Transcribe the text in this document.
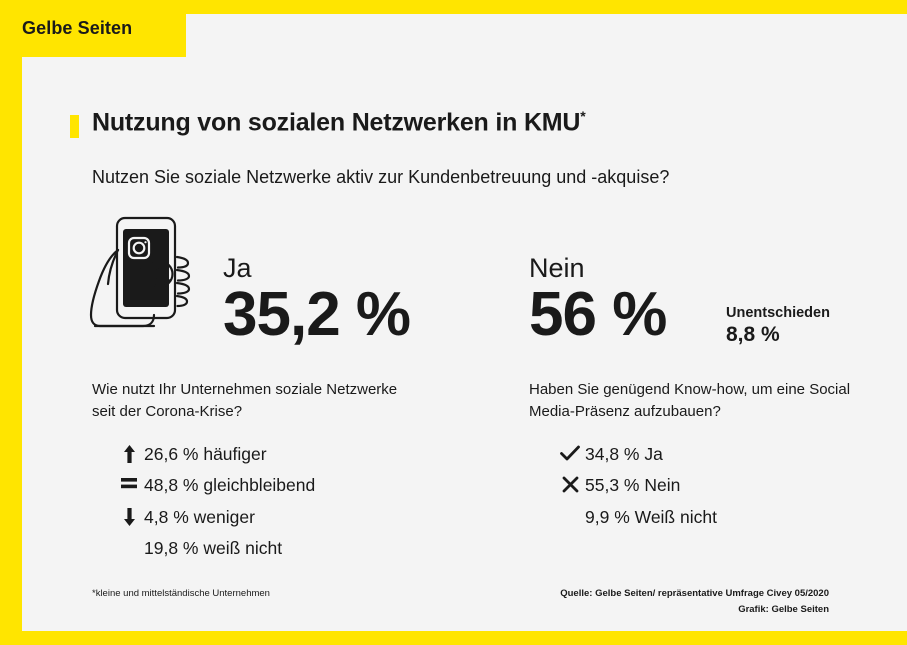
Gelbe Seiten
Nutzung von sozialen Netzwerken in KMU*
Nutzen Sie soziale Netzwerke aktiv zur Kundenbetreuung und -akquise?
f	Ja
35,2 %
Nein
56 %	Unentschieden
8,8 %
Wie nutzt Ihr Unternehmen soziale Netzwerke seit der Corona-Krise?
26,6 % häufiger
48,8 % gleichbleibend
4,8 % weniger
19,8 % weiß nicht
Haben Sie genügend Know-how, um eine Social Media-Präsenz aufzubauen?
34,8 % Ja
55,3 % Nein
9,9 % Weiß nicht
*kleine und mittelständische Unternehmen	Quelle: Gelbe Seiten/ repräsentative Umfrage Civey 05/2020
Grafik: Gelbe Seiten
